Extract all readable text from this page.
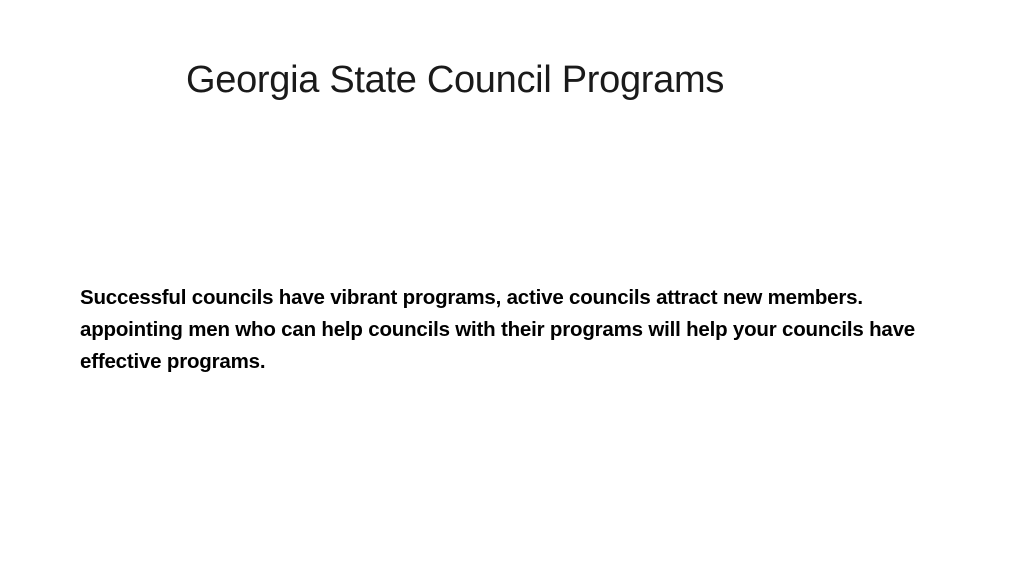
Georgia State Council Programs

Successful councils have vibrant programs, active councils attract new members. appointing men who can help councils with their programs will help your councils have effective programs.
